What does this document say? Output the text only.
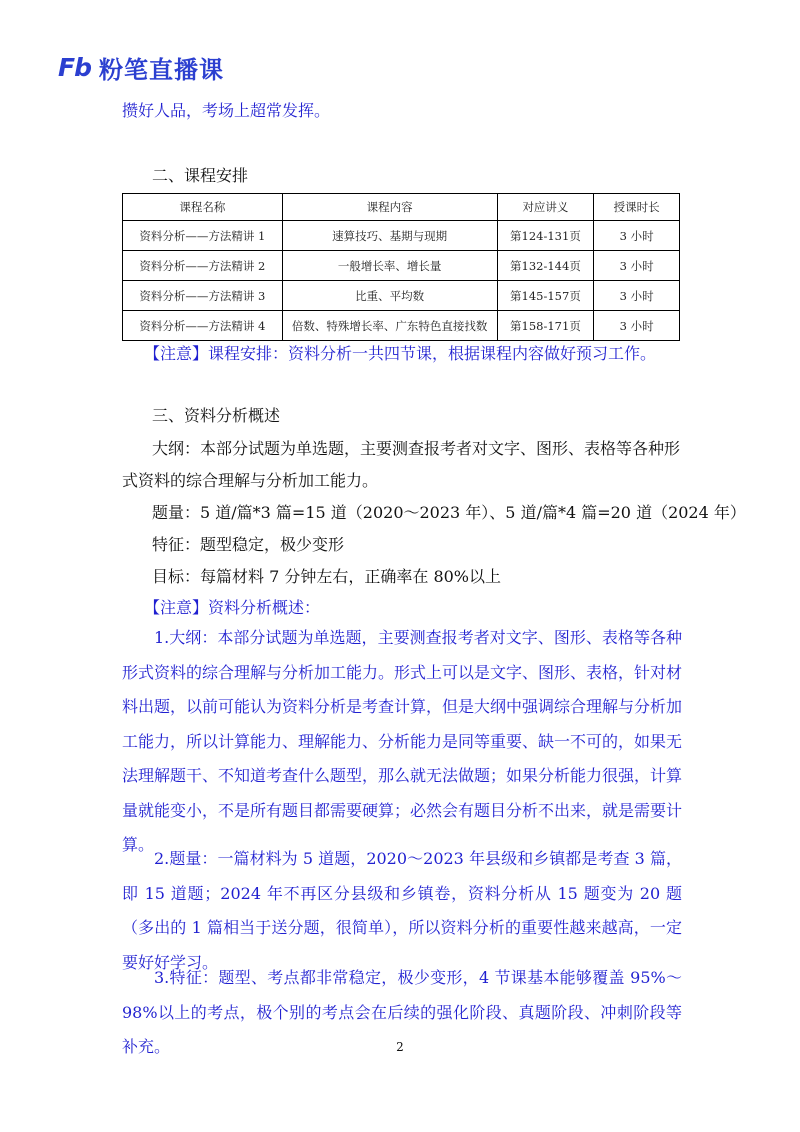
Fb 粉笔直播课
攒好人品，考场上超常发挥。
二、课程安排
课程名称	课程内容	对应讲义	授课时长
资料分析——方法精讲 1	速算技巧、基期与现期	第124-131页	3 小时
资料分析——方法精讲 2	一般增长率、增长量	第132-144页	3 小时
资料分析——方法精讲 3	比重、平均数	第145-157页	3 小时
资料分析——方法精讲 4	倍数、特殊增长率、广东特色直接找数	第158-171页	3 小时
【注意】课程安排：资料分析一共四节课，根据课程内容做好预习工作。
三、资料分析概述
大纲：本部分试题为单选题，主要测查报考者对文字、图形、表格等各种形
式资料的综合理解与分析加工能力。
题量：5 道/篇*3 篇=15 道（2020～2023 年）、5 道/篇*4 篇=20 道（2024 年）
特征：题型稳定，极少变形
目标：每篇材料 7 分钟左右，正确率在 80%以上
【注意】资料分析概述：
1.大纲：本部分试题为单选题，主要测查报考者对文字、图形、表格等各种形式资料的综合理解与分析加工能力。形式上可以是文字、图形、表格，针对材料出题，以前可能认为资料分析是考查计算，但是大纲中强调综合理解与分析加工能力，所以计算能力、理解能力、分析能力是同等重要、缺一不可的，如果无法理解题干、不知道考查什么题型，那么就无法做题；如果分析能力很强，计算量就能变小，不是所有题目都需要硬算；必然会有题目分析不出来，就是需要计算。
2.题量：一篇材料为 5 道题，2020～2023 年县级和乡镇都是考查 3 篇，即 15 道题；2024 年不再区分县级和乡镇卷，资料分析从 15 题变为 20 题（多出的 1 篇相当于送分题，很简单），所以资料分析的重要性越来越高，一定要好好学习。
3.特征：题型、考点都非常稳定，极少变形，4 节课基本能够覆盖 95%～98%以上的考点，极个别的考点会在后续的强化阶段、真题阶段、冲刺阶段等补充。	2
